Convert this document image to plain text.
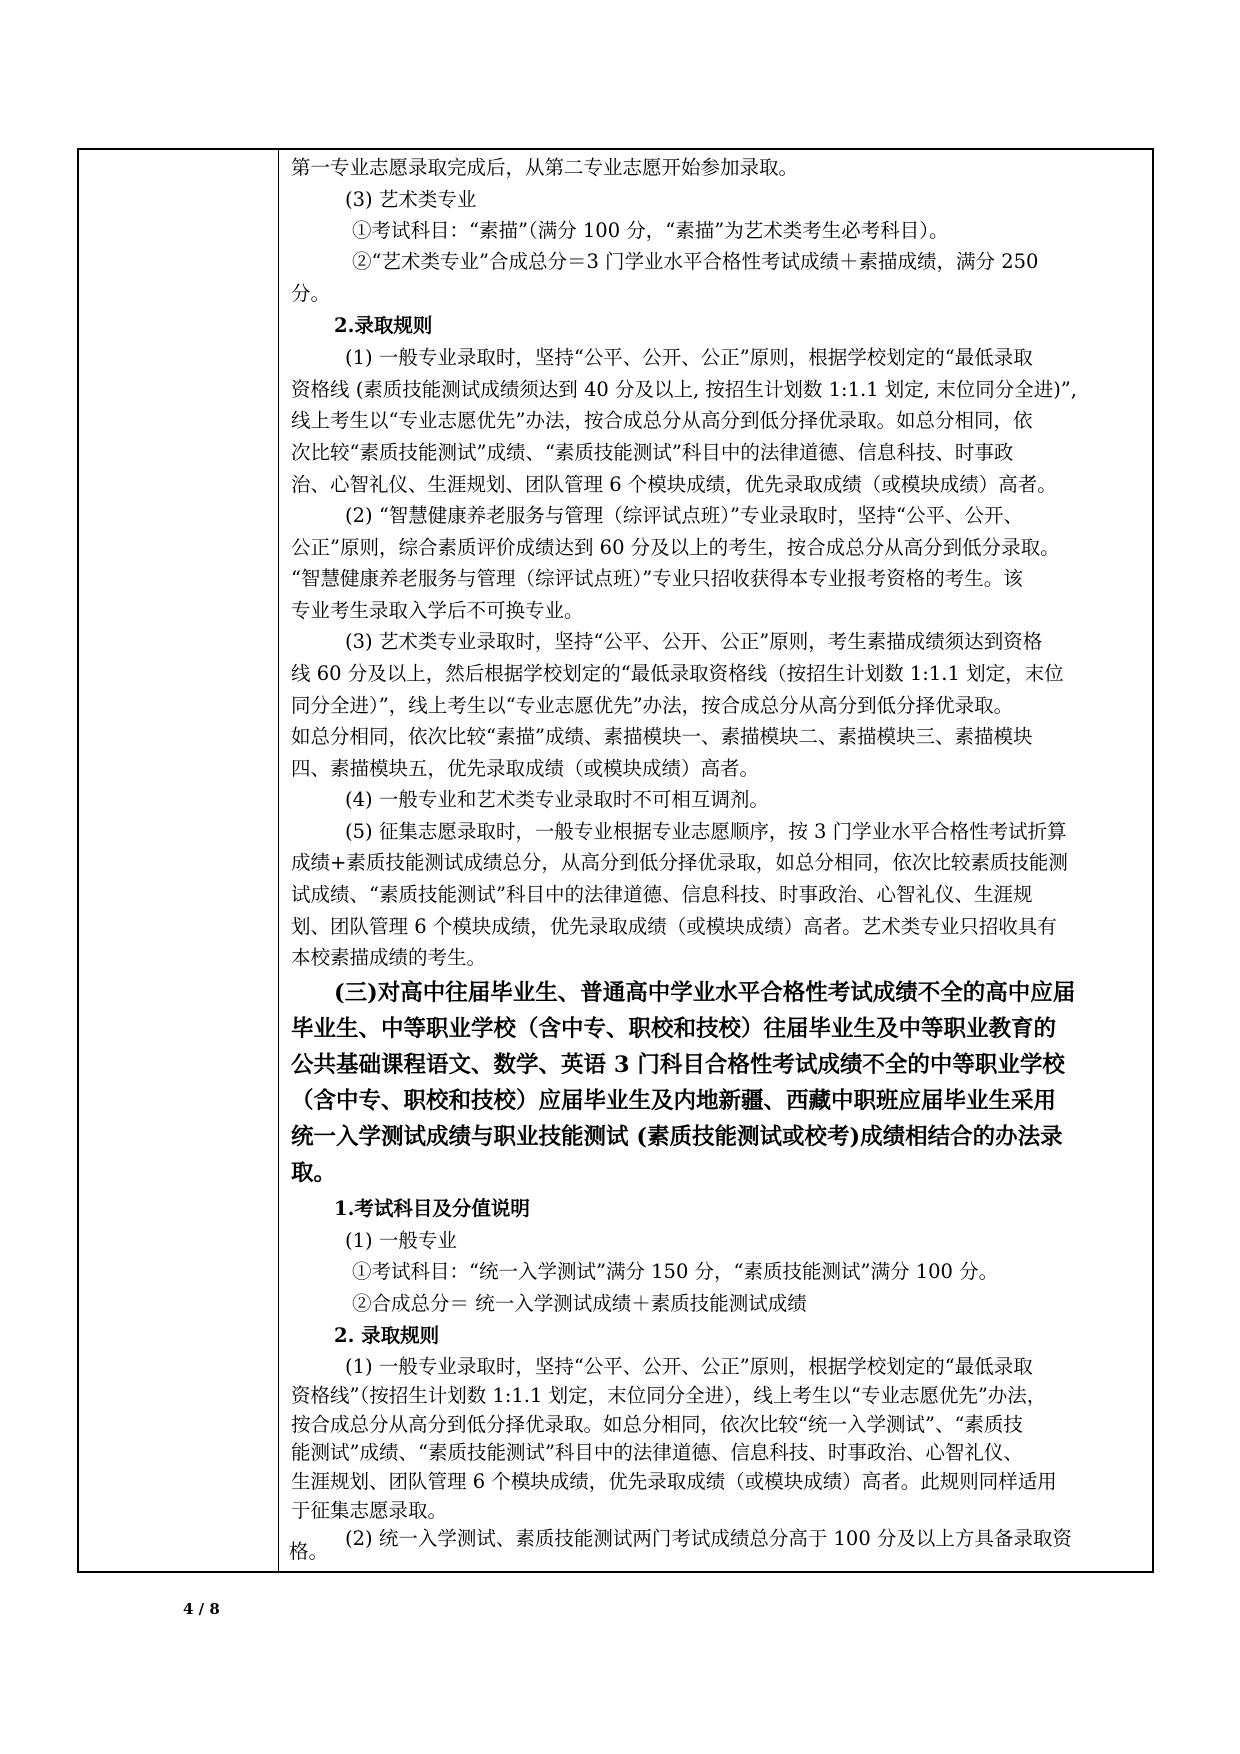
第一专业志愿录取完成后，从第二专业志愿开始参加录取。
(3) 艺术类专业
①考试科目：“素描”（满分 100 分，“素描”为艺术类考生必考科目）。
②“艺术类专业”合成总分＝3 门学业水平合格性考试成绩＋素描成绩，满分 250
分。
2.录取规则
(1) 一般专业录取时，坚持“公平、公开、公正”原则，根据学校划定的“最低录取
资格线 (素质技能测试成绩须达到 40 分及以上, 按招生计划数 1:1.1 划定, 末位同分全进)”,
线上考生以“专业志愿优先”办法，按合成总分从高分到低分择优录取。如总分相同，依
次比较“素质技能测试”成绩、“素质技能测试”科目中的法律道德、信息科技、时事政
治、心智礼仪、生涯规划、团队管理 6 个模块成绩，优先录取成绩（或模块成绩）高者。
(2) “智慧健康养老服务与管理（综评试点班）”专业录取时，坚持“公平、公开、
公正”原则，综合素质评价成绩达到 60 分及以上的考生，按合成总分从高分到低分录取。
“智慧健康养老服务与管理（综评试点班）”专业只招收获得本专业报考资格的考生。该
专业考生录取入学后不可换专业。
(3) 艺术类专业录取时，坚持“公平、公开、公正”原则，考生素描成绩须达到资格
线 60 分及以上，然后根据学校划定的“最低录取资格线（按招生计划数 1:1.1 划定，末位
同分全进）”，线上考生以“专业志愿优先”办法，按合成总分从高分到低分择优录取。
如总分相同，依次比较“素描”成绩、素描模块一、素描模块二、素描模块三、素描模块
四、素描模块五，优先录取成绩（或模块成绩）高者。
(4) 一般专业和艺术类专业录取时不可相互调剂。
(5) 征集志愿录取时，一般专业根据专业志愿顺序，按 3 门学业水平合格性考试折算
成绩+素质技能测试成绩总分，从高分到低分择优录取，如总分相同，依次比较素质技能测
试成绩、“素质技能测试”科目中的法律道德、信息科技、时事政治、心智礼仪、生涯规
划、团队管理 6 个模块成绩，优先录取成绩（或模块成绩）高者。艺术类专业只招收具有
本校素描成绩的考生。
(三)对高中往届毕业生、普通高中学业水平合格性考试成绩不全的高中应届
毕业生、中等职业学校（含中专、职校和技校）往届毕业生及中等职业教育的
公共基础课程语文、数学、英语 3 门科目合格性考试成绩不全的中等职业学校
（含中专、职校和技校）应届毕业生及内地新疆、西藏中职班应届毕业生采用
统一入学测试成绩与职业技能测试 (素质技能测试或校考)成绩相结合的办法录
取。
1.考试科目及分值说明
(1) 一般专业
①考试科目：“统一入学测试”满分 150 分，“素质技能测试”满分 100 分。
②合成总分＝ 统一入学测试成绩＋素质技能测试成绩
2. 录取规则
(1) 一般专业录取时，坚持“公平、公开、公正”原则，根据学校划定的“最低录取
资格线”（按招生计划数 1:1.1 划定，末位同分全进），线上考生以“专业志愿优先”办法，
按合成总分从高分到低分择优录取。如总分相同，依次比较“统一入学测试”、“素质技
能测试”成绩、“素质技能测试”科目中的法律道德、信息科技、时事政治、心智礼仪、
生涯规划、团队管理 6 个模块成绩，优先录取成绩（或模块成绩）高者。此规则同样适用
于征集志愿录取。
(2) 统一入学测试、素质技能测试两门考试成绩总分高于 100 分及以上方具备录取资
格。
4 / 8
